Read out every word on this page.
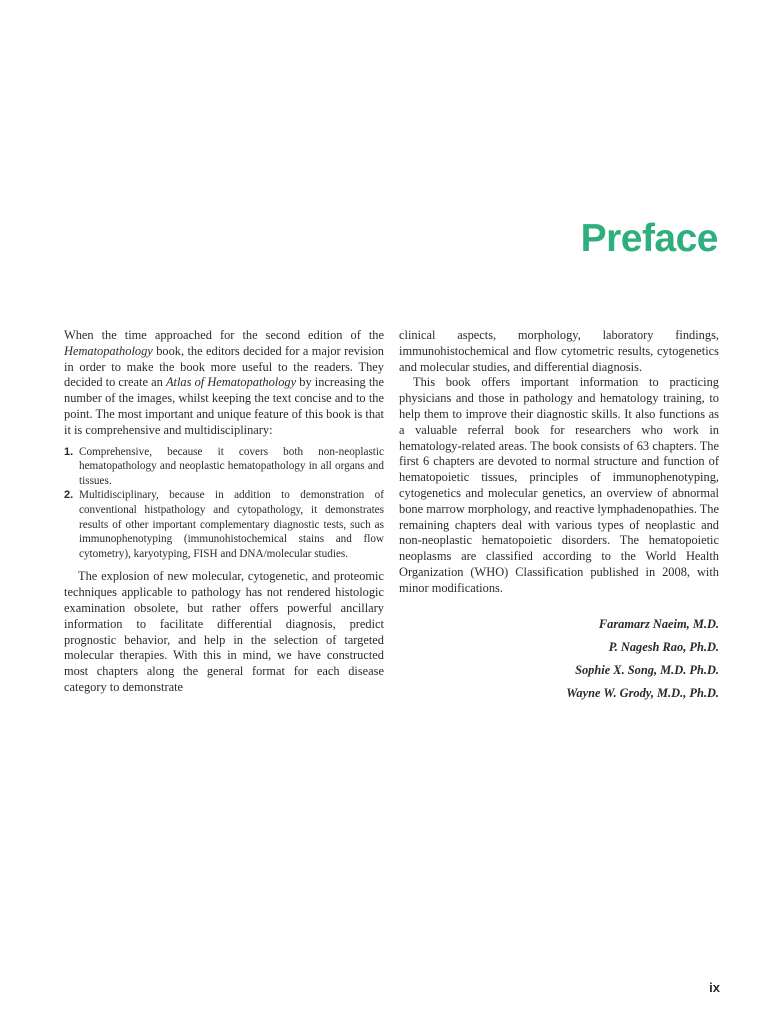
Preface

When the time approached for the second edition of the Hematopathology book, the editors decided for a major revision in order to make the book more useful to the readers. They decided to create an Atlas of Hematopathology by increasing the number of the images, whilst keeping the text concise and to the point. The most important and unique feature of this book is that it is comprehensive and multidisciplinary:

1. Comprehensive, because it covers both non-neoplastic hematopathology and neoplastic hematopathology in all organs and tissues.
2. Multidisciplinary, because in addition to demonstration of conventional histpathology and cytopathology, it demonstrates results of other important complementary diagnostic tests, such as immunophenotyping (immunohistochemical stains and flow cytometry), karyotyping, FISH and DNA/molecular studies.

The explosion of new molecular, cytogenetic, and proteomic techniques applicable to pathology has not rendered histologic examination obsolete, but rather offers powerful ancillary information to facilitate differential diagnosis, predict prognostic behavior, and help in the selection of targeted molecular therapies. With this in mind, we have constructed most chapters along the general format for each disease category to demonstrate

clinical aspects, morphology, laboratory findings, immunohistochemical and flow cytometric results, cytogenetics and molecular studies, and differential diagnosis.

This book offers important information to practicing physicians and those in pathology and hematology training, to help them to improve their diagnostic skills. It also functions as a valuable referral book for researchers who work in hematology-related areas. The book consists of 63 chapters. The first 6 chapters are devoted to normal structure and function of hematopoietic tissues, principles of immunophenotyping, cytogenetics and molecular genetics, an overview of abnormal bone marrow morphology, and reactive lymphadenopathies. The remaining chapters deal with various types of neoplastic and non-neoplastic hematopoietic disorders. The hematopoietic neoplasms are classified according to the World Health Organization (WHO) Classification published in 2008, with minor modifications.

Faramarz Naeim, M.D.
P. Nagesh Rao, Ph.D.
Sophie X. Song, M.D. Ph.D.
Wayne W. Grody, M.D., Ph.D.
ix
